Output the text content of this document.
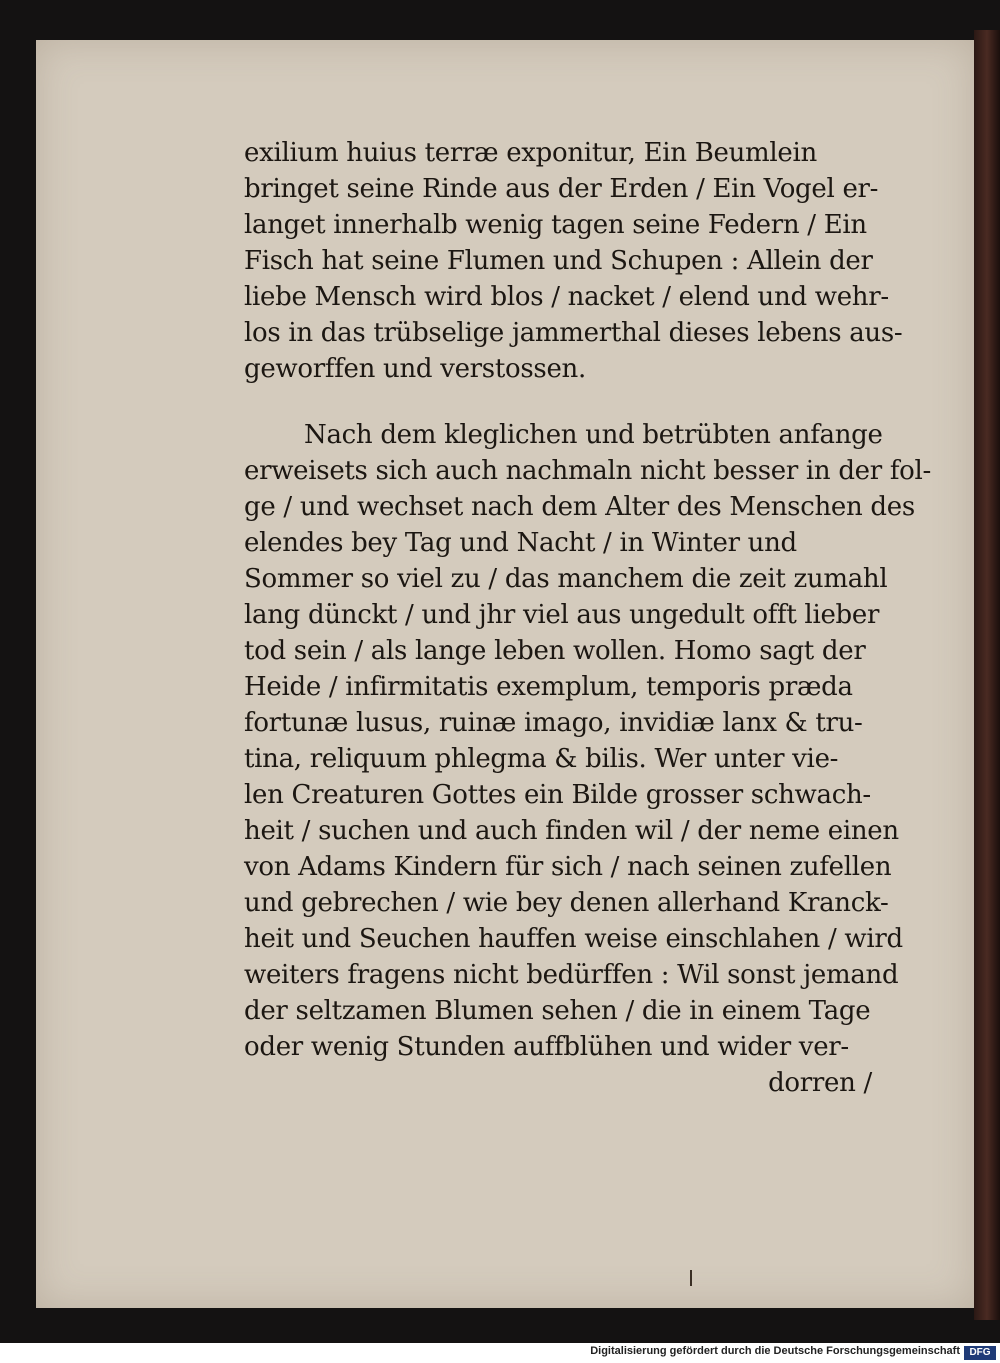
exilium huius terræ exponitur, Ein Beumlein
bringet seine Rinde aus der Erden / Ein Vogel er-
langet innerhalb wenig tagen seine Federn / Ein
Fisch hat seine Flumen und Schupen : Allein der
liebe Mensch wird blos / nacket / elend und wehr-
los in das trübselige jammerthal dieses lebens aus-
geworffen und verstossen.
Nach dem kleglichen und betrübten anfange
erweisets sich auch nachmaln nicht besser in der fol-
ge / und wechset nach dem Alter des Menschen des
elendes bey Tag und Nacht / in Winter und
Sommer so viel zu / das manchem die zeit zumahl
lang dünckt / und jhr viel aus ungedult offt lieber
tod sein / als lange leben wollen. Homo sagt der
Heide / infirmitatis exemplum, temporis præda
fortunæ lusus, ruinæ imago, invidiæ lanx & tru-
tina, reliquum phlegma & bilis. Wer unter vie-
len Creaturen Gottes ein Bilde grosser schwach-
heit / suchen und auch finden wil / der neme einen
von Adams Kindern für sich / nach seinen zufellen
und gebrechen / wie bey denen allerhand Kranck-
heit und Seuchen hauffen weise einschlahen / wird
weiters fragens nicht bedürffen : Wil sonst jemand
der seltzamen Blumen sehen / die in einem Tage
oder wenig Stunden auffblühen und wider ver-
dorren /
Digitalisierung gefördert durch die Deutsche Forschungsgemeinschaft DFG
